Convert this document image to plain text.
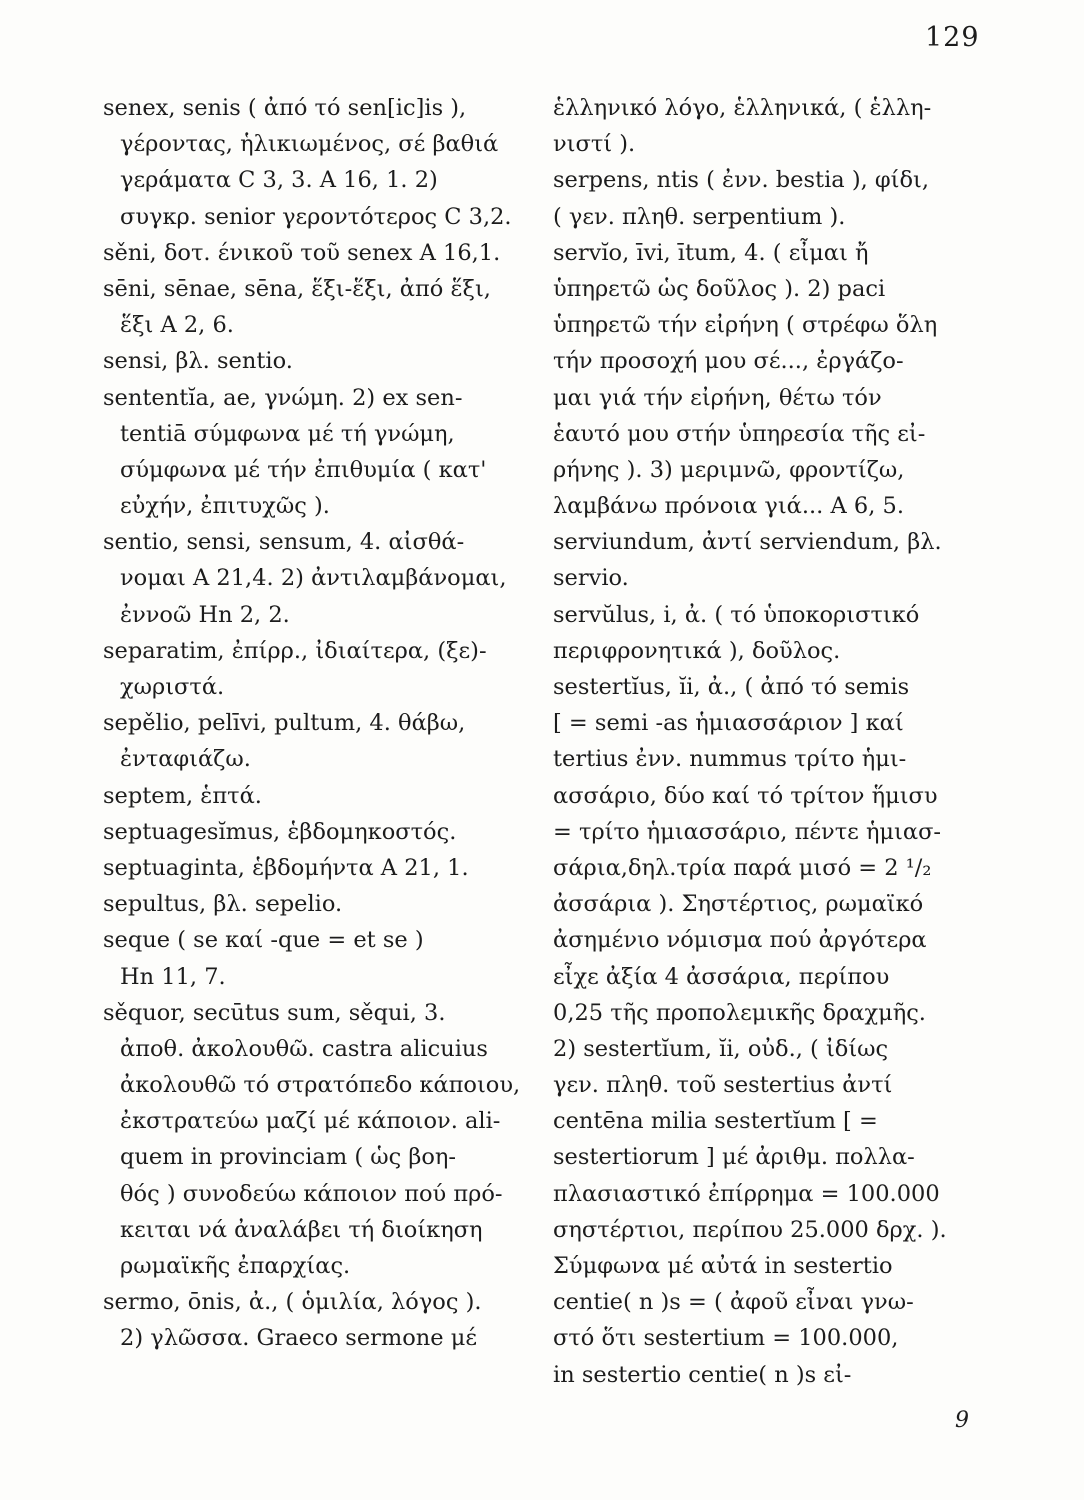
129
senex, senis ( ἀπό τό sen[ic]is ),
γέροντας, ἡλικιωμένος, σέ βαθιά
γεράματα C 3, 3. A 16, 1. 2)
συγκρ. senior γεροντότερος C 3,2.
sěni, δοτ. ένικοῦ τοῦ senex A 16,1.
sēni, sēnae, sēna, ἕξι-ἕξι, ἀπό ἕξι,
ἕξι A 2, 6.
sensi, βλ. sentio.
sententĭa, ae, γνώμη. 2) ex sen-
tentiā σύμφωνα μέ τή γνώμη,
σύμφωνα μέ τήν ἐπιθυμία ( κατ'
εὐχήν, ἐπιτυχῶς ).
sentio, sensi, sensum, 4. αἰσθά-
νομαι A 21,4. 2) ἀντιλαμβάνομαι,
ἐννοῶ Hn 2, 2.
separatim, ἐπίρρ., ἰδιαίτερα, (ξε)-
χωριστά.
sepělio, pelīvi, pultum, 4. θάβω,
ἐνταφιάζω.
septem, ἑπτά.
septuagesĭmus, ἑβδομηκοστός.
septuaginta, ἑβδομήντα A 21, 1.
sepultus, βλ. sepelio.
seque ( se καί -que = et se )
Hn 11, 7.
sěquor, secūtus sum, sěqui, 3.
ἀποθ. ἀκολουθῶ. castra alicuius
ἀκολουθῶ τό στρατόπεδο κάποιου,
ἐκστρατεύω μαζί μέ κάποιον. ali-
quem in provinciam ( ὡς βοη-
θός ) συνοδεύω κάποιον πού πρό-
κειται νά ἀναλάβει τή διοίκηση
ρωμαϊκῆς ἐπαρχίας.
sermo, ōnis, ἀ., ( ὁμιλία, λόγος ).
2) γλῶσσα. Graeco sermone μέ
ἑλληνικό λόγο, ἑλληνικά, ( ἑλλη-
νιστί ).
serpens, ntis ( ἐνν. bestia ), φίδι,
( γεν. πληθ. serpentium ).
servĭo, īvi, ītum, 4. ( εἶμαι ἤ
ὑπηρετῶ ὡς δοῦλος ). 2) paci
ὑπηρετῶ τήν εἰρήνη ( στρέφω ὅλη
τήν προσοχή μου σέ..., ἐργάζο-
μαι γιά τήν εἰρήνη, θέτω τόν
ἑαυτό μου στήν ὑπηρεσία τῆς εἰ-
ρήνης ). 3) μεριμνῶ, φροντίζω,
λαμβάνω πρόνοια γιά... A 6, 5.
serviundum, ἀντί serviendum, βλ.
servio.
servŭlus, i, ἀ. ( τό ὑποκοριστικό
περιφρονητικά ), δοῦλος.
sestertĭus, ĭi, ἀ., ( ἀπό τό semis
[ = semi -as ἡμιασσάριον ] καί
tertius ἐνν. nummus τρίτο ἡμι-
ασσάριο, δύο καί τό τρίτον ἥμισυ
= τρίτο ἡμιασσάριο, πέντε ἡμιασ-
σάρια,δηλ.τρία παρά μισό = 2 ¹/₂
ἀσσάρια ). Σηστέρτιος, ρωμαϊκό
ἀσημένιο νόμισμα πού ἀργότερα
εἶχε ἀξία 4 ἀσσάρια, περίπου
0,25 τῆς προπολεμικῆς δραχμῆς.
2) sestertĭum, ĭi, οὐδ., ( ἰδίως
γεν. πληθ. τοῦ sestertius ἀντί
centēna milia sestertĭum [ =
sestertiorum ] μέ ἀριθμ. πολλα-
πλασιαστικό ἐπίρρημα = 100.000
σηστέρτιοι, περίπου 25.000 δρχ. ).
Σύμφωνα μέ αὐτά in sestertio
centie( n )s = ( ἀφοῦ εἶναι γνω-
στό ὅτι sestertium = 100.000,
in sestertio centie( n )s εἰ-
9
